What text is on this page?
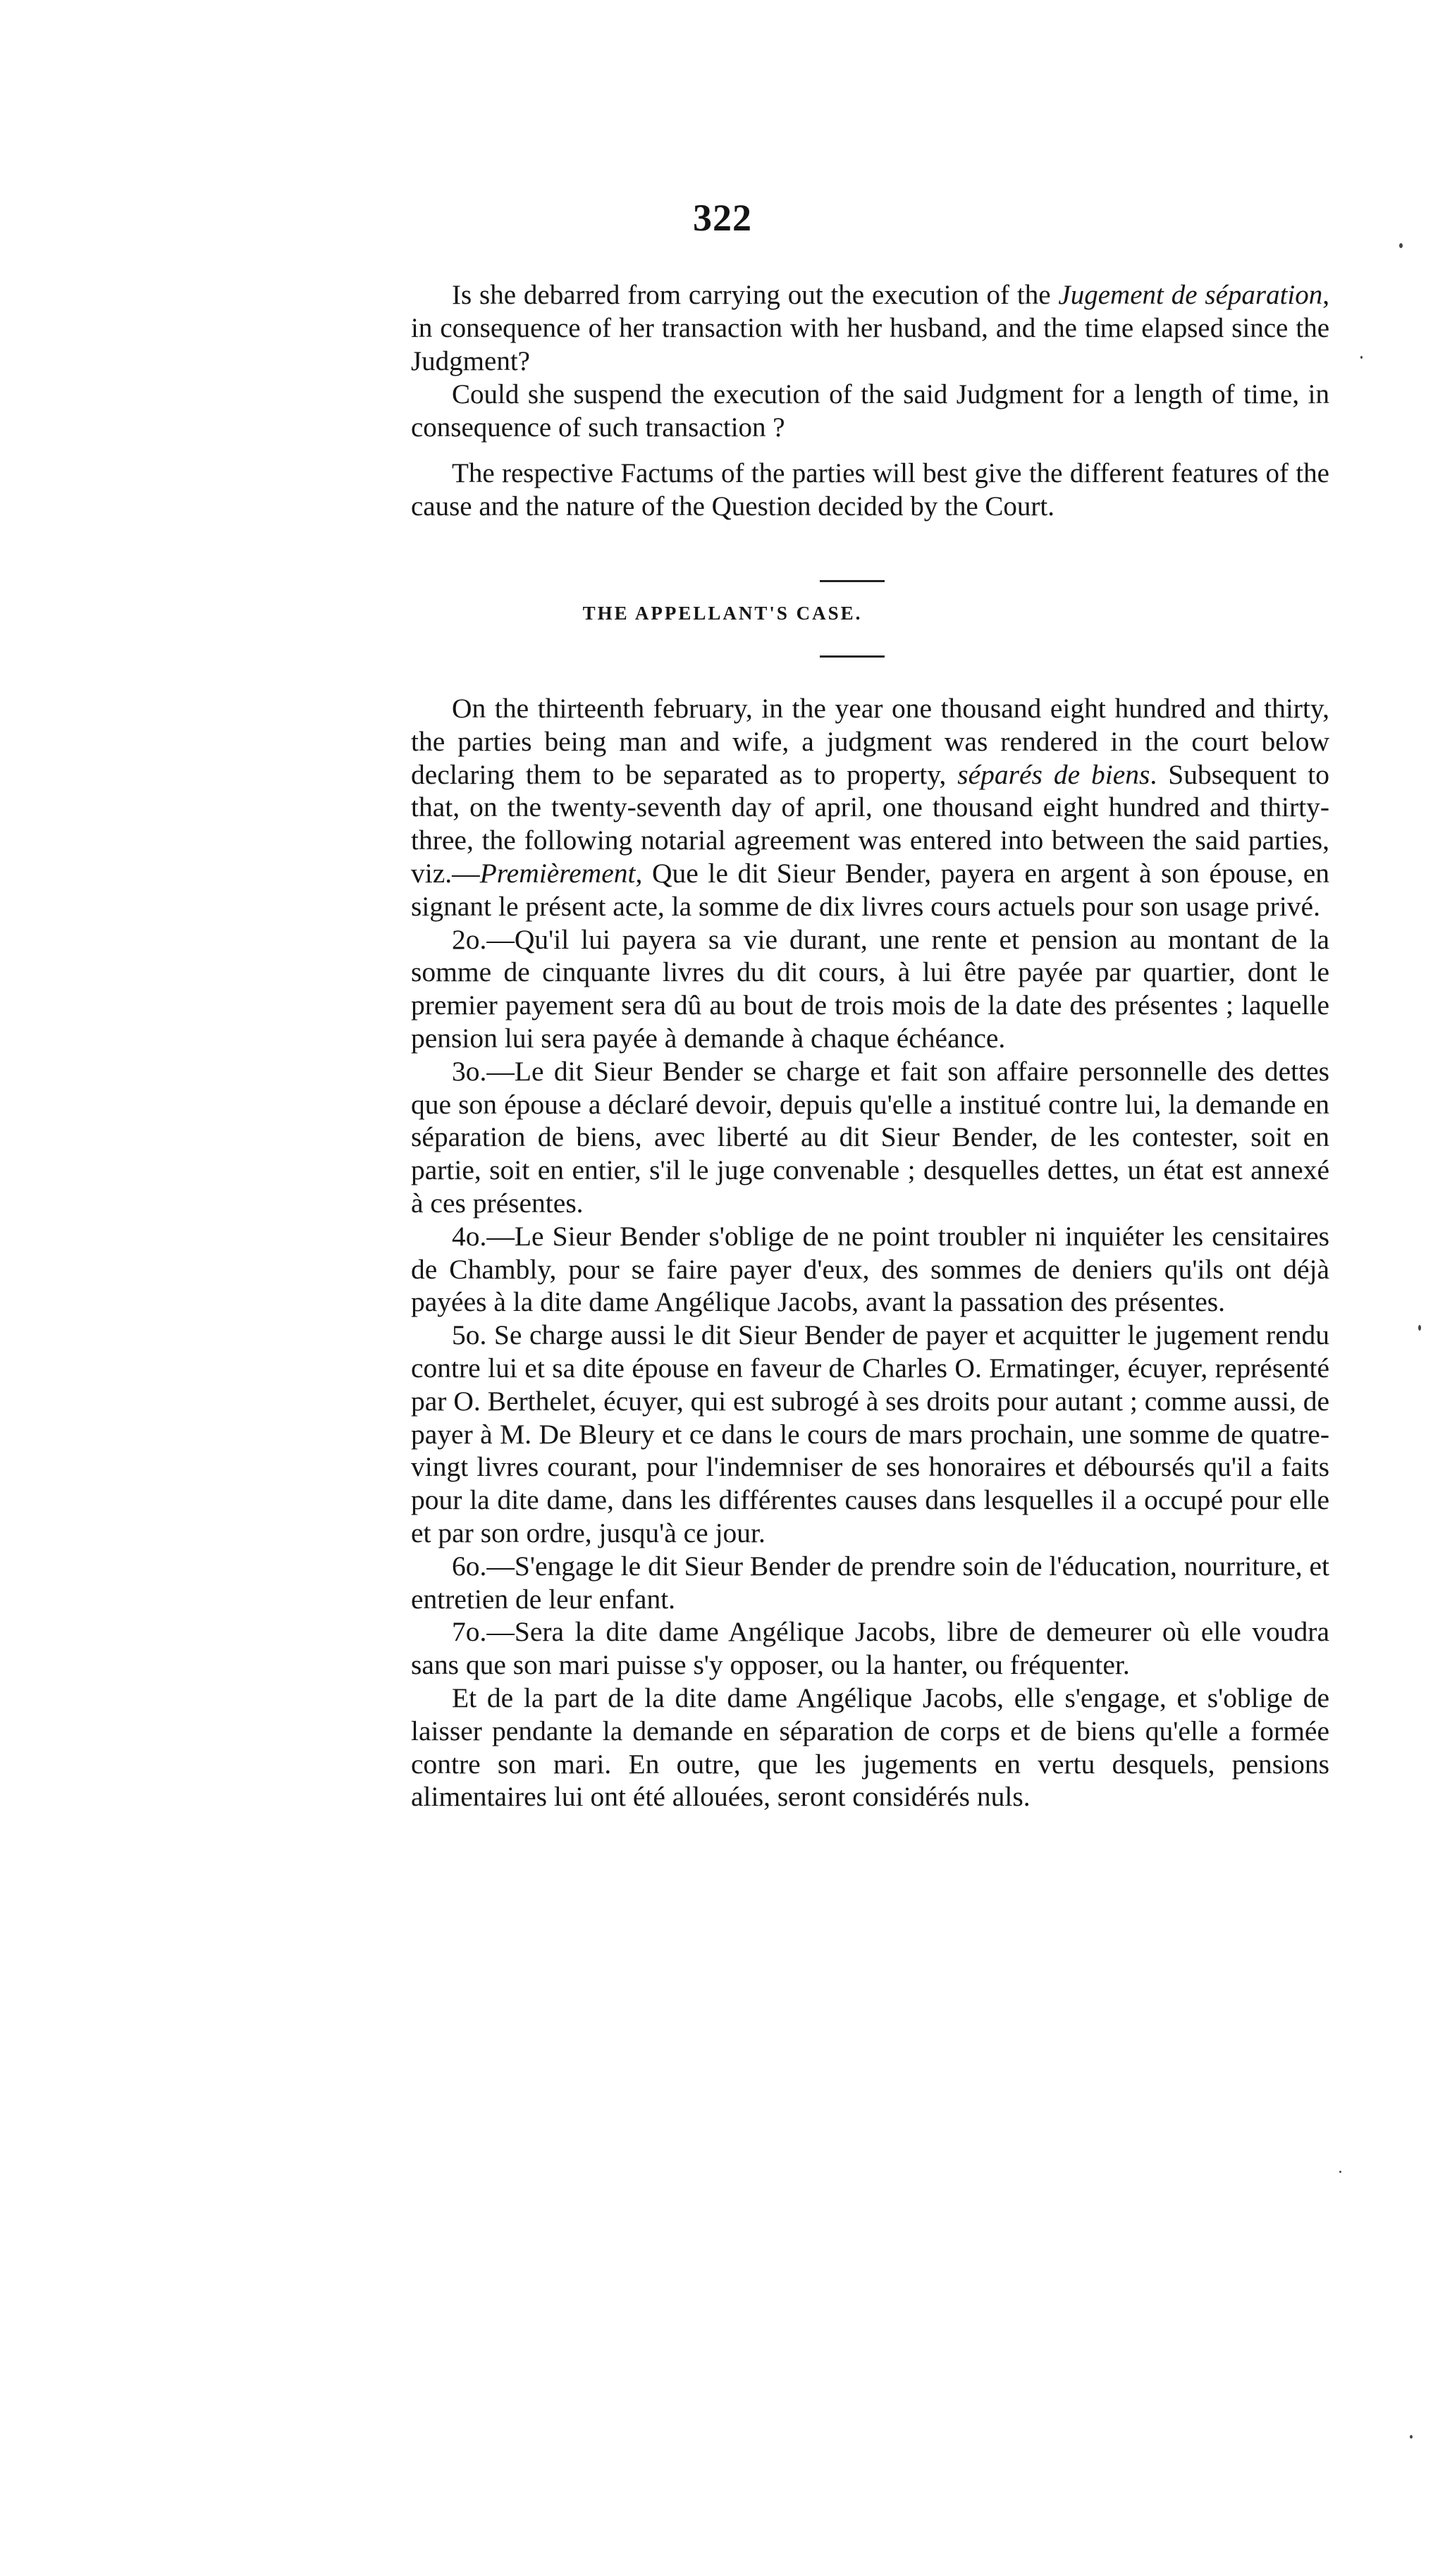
322

Is she debarred from carrying out the execution of the Jugement de séparation, in consequence of her transaction with her husband, and the time elapsed since the Judgment?

Could she suspend the execution of the said Judgment for a length of time, in consequence of such transaction ?

The respective Factums of the parties will best give the different features of the cause and the nature of the Question decided by the Court.

THE APPELLANT'S CASE.

On the thirteenth february, in the year one thousand eight hundred and thirty, the parties being man and wife, a judgment was rendered in the court below declaring them to be separated as to property, séparés de biens. Subsequent to that, on the twenty-seventh day of april, one thousand eight hundred and thirty-three, the following notarial agreement was entered into between the said parties, viz.—Premièrement, Que le dit Sieur Bender, payera en argent à son épouse, en signant le présent acte, la somme de dix livres cours actuels pour son usage privé.

2o.—Qu'il lui payera sa vie durant, une rente et pension au montant de la somme de cinquante livres du dit cours, à lui être payée par quartier, dont le premier payement sera dû au bout de trois mois de la date des présentes ; laquelle pension lui sera payée à demande à chaque échéance.

3o.—Le dit Sieur Bender se charge et fait son affaire personnelle des dettes que son épouse a déclaré devoir, depuis qu'elle a institué contre lui, la demande en séparation de biens, avec liberté au dit Sieur Bender, de les contester, soit en partie, soit en entier, s'il le juge convenable ; desquelles dettes, un état est annexé à ces présentes.

4o.—Le Sieur Bender s'oblige de ne point troubler ni inquiéter les censitaires de Chambly, pour se faire payer d'eux, des sommes de deniers qu'ils ont déjà payées à la dite dame Angélique Jacobs, avant la passation des présentes.

5o. Se charge aussi le dit Sieur Bender de payer et acquitter le jugement rendu contre lui et sa dite épouse en faveur de Charles O. Ermatinger, écuyer, représenté par O. Berthelet, écuyer, qui est subrogé à ses droits pour autant ; comme aussi, de payer à M. De Bleury et ce dans le cours de mars prochain, une somme de quatre-vingt livres courant, pour l'indemniser de ses honoraires et déboursés qu'il a faits pour la dite dame, dans les différentes causes dans lesquelles il a occupé pour elle et par son ordre, jusqu'à ce jour.

6o.—S'engage le dit Sieur Bender de prendre soin de l'éducation, nourriture, et entretien de leur enfant.

7o.—Sera la dite dame Angélique Jacobs, libre de demeurer où elle voudra sans que son mari puisse s'y opposer, ou la hanter, ou fréquenter.

Et de la part de la dite dame Angélique Jacobs, elle s'engage, et s'oblige de laisser pendante la demande en séparation de corps et de biens qu'elle a formée contre son mari. En outre, que les jugements en vertu desquels, pensions alimentaires lui ont été allouées, seront considérés nuls.
